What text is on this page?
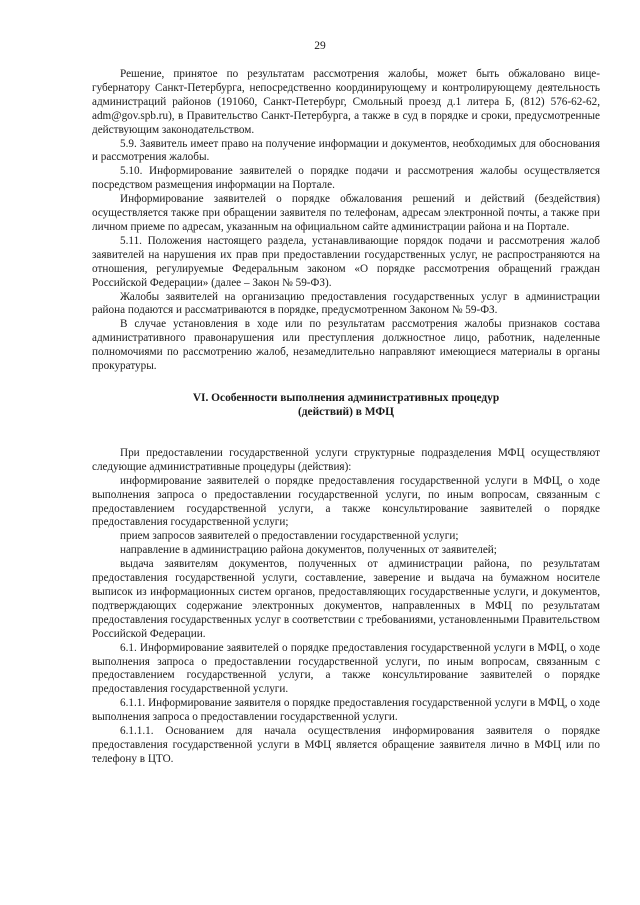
29

Решение, принятое по результатам рассмотрения жалобы, может быть обжаловано вице-губернатору Санкт-Петербурга, непосредственно координирующему и контролирующему деятельность администраций районов (191060, Санкт-Петербург, Смольный проезд д.1 литера Б, (812) 576-62-62, adm@gov.spb.ru), в Правительство Санкт-Петербурга, а также в суд в порядке и сроки, предусмотренные действующим законодательством.

5.9. Заявитель имеет право на получение информации и документов, необходимых для обоснования и рассмотрения жалобы.

5.10. Информирование заявителей о порядке подачи и рассмотрения жалобы осуществляется посредством размещения информации на Портале.

Информирование заявителей о порядке обжалования решений и действий (бездействия) осуществляется также при обращении заявителя по телефонам, адресам электронной почты, а также при личном приеме по адресам, указанным на официальном сайте администрации района и на Портале.

5.11. Положения настоящего раздела, устанавливающие порядок подачи и рассмотрения жалоб заявителей на нарушения их прав при предоставлении государственных услуг, не распространяются на отношения, регулируемые Федеральным законом «О порядке рассмотрения обращений граждан Российской Федерации» (далее – Закон № 59-ФЗ).

Жалобы заявителей на организацию предоставления государственных услуг в администрации района подаются и рассматриваются в порядке, предусмотренном Законом № 59-ФЗ.

В случае установления в ходе или по результатам рассмотрения жалобы признаков состава административного правонарушения или преступления должностное лицо, работник, наделенные полномочиями по рассмотрению жалоб, незамедлительно направляют имеющиеся материалы в органы прокуратуры.

VI. Особенности выполнения административных процедур
(действий) в МФЦ

При предоставлении государственной услуги структурные подразделения МФЦ осуществляют следующие административные процедуры (действия):

информирование заявителей о порядке предоставления государственной услуги в МФЦ, о ходе выполнения запроса о предоставлении государственной услуги, по иным вопросам, связанным с предоставлением государственной услуги, а также консультирование заявителей о порядке предоставления государственной услуги;

прием запросов заявителей о предоставлении государственной услуги;

направление в администрацию района документов, полученных от заявителей;

выдача заявителям документов, полученных от администрации района, по результатам предоставления государственной услуги, составление, заверение и выдача на бумажном носителе выписок из информационных систем органов, предоставляющих государственные услуги, и документов, подтверждающих содержание электронных документов, направленных в МФЦ по результатам предоставления государственных услуг в соответствии с требованиями, установленными Правительством Российской Федерации.

6.1. Информирование заявителей о порядке предоставления государственной услуги в МФЦ, о ходе выполнения запроса о предоставлении государственной услуги, по иным вопросам, связанным с предоставлением государственной услуги, а также консультирование заявителей о порядке предоставления государственной услуги.

6.1.1. Информирование заявителя о порядке предоставления государственной услуги в МФЦ, о ходе выполнения запроса о предоставлении государственной услуги.

6.1.1.1. Основанием для начала осуществления информирования заявителя о порядке предоставления государственной услуги в МФЦ является обращение заявителя лично в МФЦ или по телефону в ЦТО.
